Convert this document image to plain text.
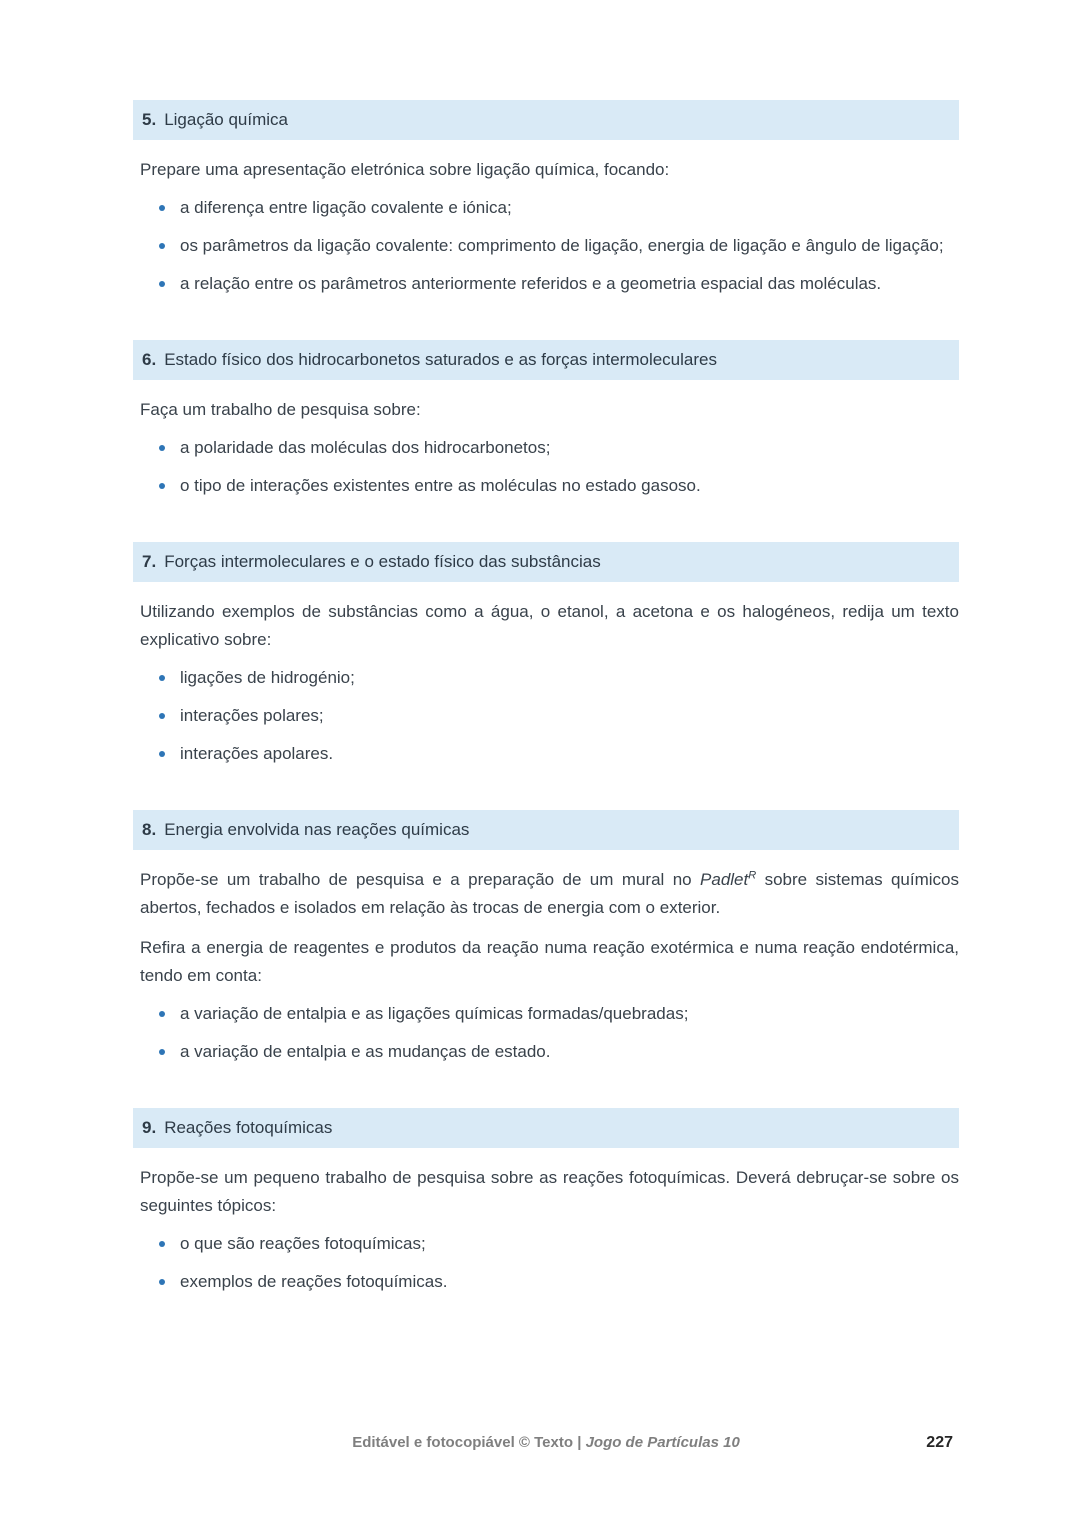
5. Ligação química

Prepare uma apresentação eletrónica sobre ligação química, focando:

a diferença entre ligação covalente e iónica;
os parâmetros da ligação covalente: comprimento de ligação, energia de ligação e ângulo de ligação;
a relação entre os parâmetros anteriormente referidos e a geometria espacial das moléculas.
6. Estado físico dos hidrocarbonetos saturados e as forças intermoleculares

Faça um trabalho de pesquisa sobre:

a polaridade das moléculas dos hidrocarbonetos;
o tipo de interações existentes entre as moléculas no estado gasoso.
7. Forças intermoleculares e o estado físico das substâncias

Utilizando exemplos de substâncias como a água, o etanol, a acetona e os halogéneos, redija um texto explicativo sobre:

ligações de hidrogénio;
interações polares;
interações apolares.
8. Energia envolvida nas reações químicas

Propõe-se um trabalho de pesquisa e a preparação de um mural no Padlet$^R$ sobre sistemas químicos abertos, fechados e isolados em relação às trocas de energia com o exterior.

Refira a energia de reagentes e produtos da reação numa reação exotérmica e numa reação endotérmica, tendo em conta:

a variação de entalpia e as ligações químicas formadas/quebradas;
a variação de entalpia e as mudanças de estado.
9. Reações fotoquímicas

Propõe-se um pequeno trabalho de pesquisa sobre as reações fotoquímicas. Deverá debruçar-se sobre os seguintes tópicos:

o que são reações fotoquímicas;
exemplos de reações fotoquímicas.
Editável e fotocopiável © Texto | Jogo de Partículas 10	227
